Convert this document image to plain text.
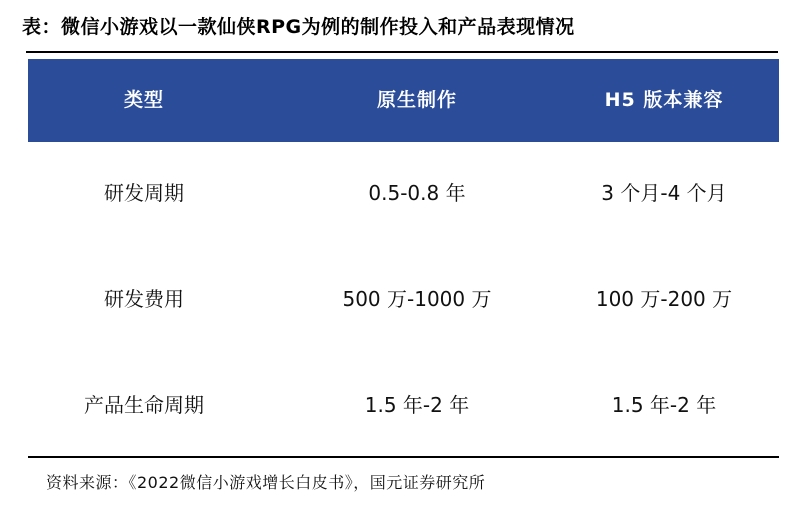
表：微信小游戏以一款仙侠RPG为例的制作投入和产品表现情况
类型	原生制作	H5 版本兼容
研发周期	0.5-0.8 年	3 个月-4 个月
研发费用	500 万-1000 万	100 万-200 万
产品生命周期	1.5 年-2 年	1.5 年-2 年
资料来源：《2022微信小游戏增长白皮书》，国元证券研究所
